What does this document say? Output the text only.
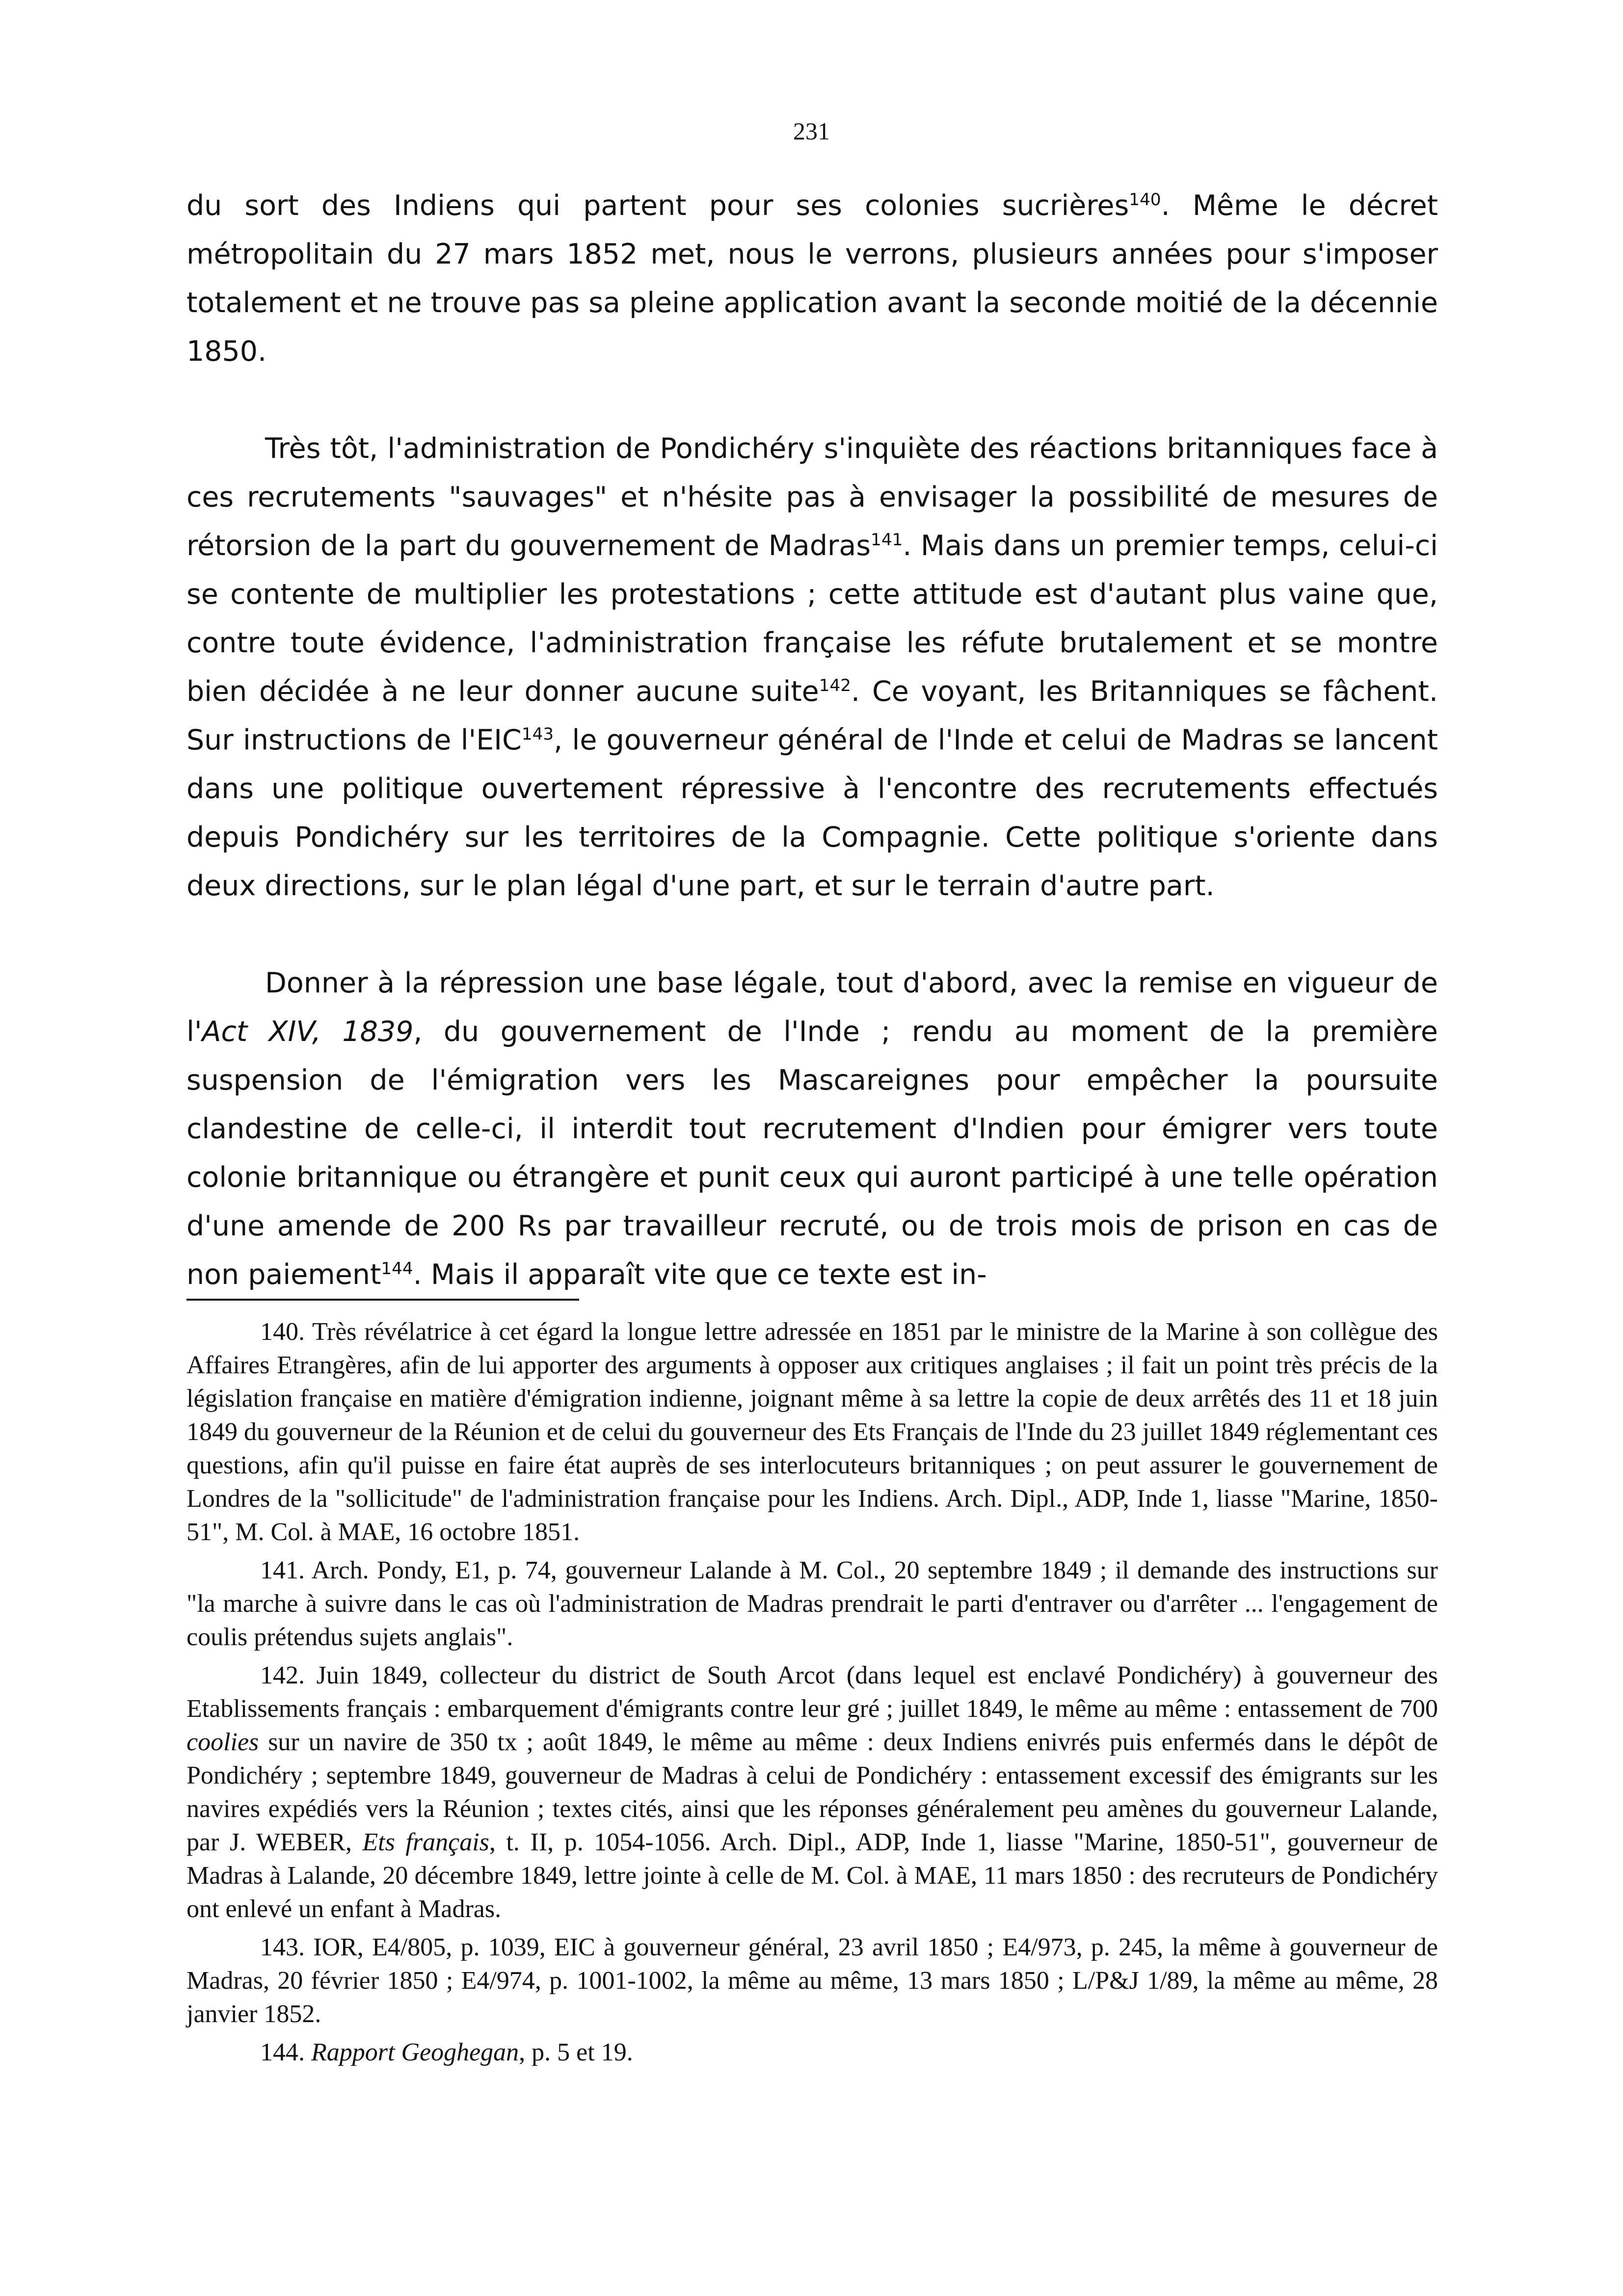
231

du sort des Indiens qui partent pour ses colonies sucrières$^{140}$. Même le décret métropolitain du 27 mars 1852 met, nous le verrons, plusieurs années pour s'imposer totalement et ne trouve pas sa pleine application avant la seconde moitié de la décennie 1850.

Très tôt, l'administration de Pondichéry s'inquiète des réactions britanniques face à ces recrutements "sauvages" et n'hésite pas à envisager la possibilité de mesures de rétorsion de la part du gouvernement de Madras$^{141}$. Mais dans un premier temps, celui-ci se contente de multiplier les protestations ; cette attitude est d'autant plus vaine que, contre toute évidence, l'administration française les réfute brutalement et se montre bien décidée à ne leur donner aucune suite$^{142}$. Ce voyant, les Britanniques se fâchent. Sur instructions de l'EIC$^{143}$, le gouverneur général de l'Inde et celui de Madras se lancent dans une politique ouvertement répressive à l'encontre des recrutements effectués depuis Pondichéry sur les territoires de la Compagnie. Cette politique s'oriente dans deux directions, sur le plan légal d'une part, et sur le terrain d'autre part.

Donner à la répression une base légale, tout d'abord, avec la remise en vigueur de l'Act XIV, 1839, du gouvernement de l'Inde ; rendu au moment de la première suspension de l'émigration vers les Mascareignes pour empêcher la poursuite clandestine de celle-ci, il interdit tout recrutement d'Indien pour émigrer vers toute colonie britannique ou étrangère et punit ceux qui auront participé à une telle opération d'une amende de 200 Rs par travailleur recruté, ou de trois mois de prison en cas de non paiement$^{144}$. Mais il apparaît vite que ce texte est in-

140. Très révélatrice à cet égard la longue lettre adressée en 1851 par le ministre de la Marine à son collègue des Affaires Etrangères, afin de lui apporter des arguments à opposer aux critiques anglaises ; il fait un point très précis de la législation française en matière d'émigration indienne, joignant même à sa lettre la copie de deux arrêtés des 11 et 18 juin 1849 du gouverneur de la Réunion et de celui du gouverneur des Ets Français de l'Inde du 23 juillet 1849 réglementant ces questions, afin qu'il puisse en faire état auprès de ses interlocuteurs britanniques ; on peut assurer le gouvernement de Londres de la "sollicitude" de l'administration française pour les Indiens. Arch. Dipl., ADP, Inde 1, liasse "Marine, 1850-51", M. Col. à MAE, 16 octobre 1851.

141. Arch. Pondy, E1, p. 74, gouverneur Lalande à M. Col., 20 septembre 1849 ; il demande des instructions sur "la marche à suivre dans le cas où l'administration de Madras prendrait le parti d'entraver ou d'arrêter ... l'engagement de coulis prétendus sujets anglais".

142. Juin 1849, collecteur du district de South Arcot (dans lequel est enclavé Pondichéry) à gouverneur des Etablissements français : embarquement d'émigrants contre leur gré ; juillet 1849, le même au même : entassement de 700 coolies sur un navire de 350 tx ; août 1849, le même au même : deux Indiens enivrés puis enfermés dans le dépôt de Pondichéry ; septembre 1849, gouverneur de Madras à celui de Pondichéry : entassement excessif des émigrants sur les navires expédiés vers la Réunion ; textes cités, ainsi que les réponses généralement peu amènes du gouverneur Lalande, par J. WEBER, Ets français, t. II, p. 1054-1056. Arch. Dipl., ADP, Inde 1, liasse "Marine, 1850-51", gouverneur de Madras à Lalande, 20 décembre 1849, lettre jointe à celle de M. Col. à MAE, 11 mars 1850 : des recruteurs de Pondichéry ont enlevé un enfant à Madras.

143. IOR, E4/805, p. 1039, EIC à gouverneur général, 23 avril 1850 ; E4/973, p. 245, la même à gouverneur de Madras, 20 février 1850 ; E4/974, p. 1001-1002, la même au même, 13 mars 1850 ; L/P&J 1/89, la même au même, 28 janvier 1852.

144. Rapport Geoghegan, p. 5 et 19.
